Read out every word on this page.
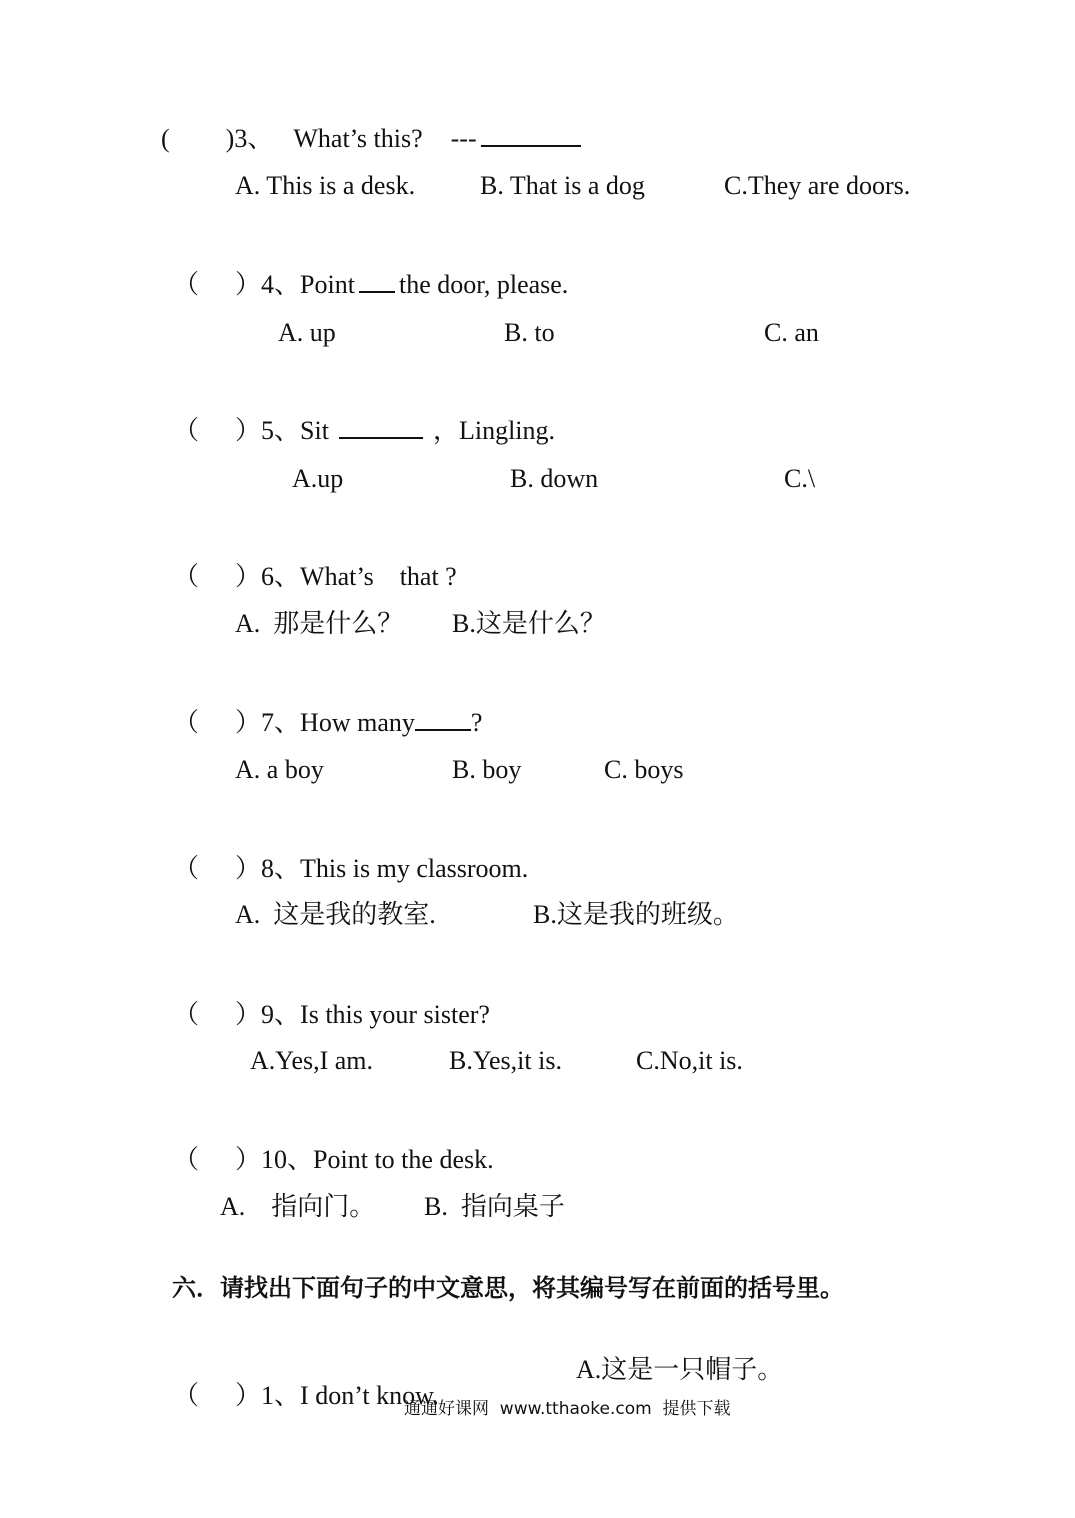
( )3、 What’s this? ---

A. This is a desk. B. That is a dog	C.They are doors.

（ ）4、Point the door, please.

A. up	B. to	C. an

（ ）5、Sit	，Lingling.

A.up	B. down	C.\

（ ）6、What’s    that ?

A.  那是什么？ B.这是什么？

（ ）7、How many ?

A. a boy	B. boy	C. boys

（ ）8、This is my classroom.

A.  这是我的教室.	B.这是我的班级。

（ ）9、Is this your sister?

A.Yes,I am.	B.Yes,it is.	C.No,it is.

（ ）10、Point to the desk.

A.    指向门。 B.  指向桌子
六．请找出下面句子的中文意思，将其编号写在前面的括号里。

（ ）1、I don’t know.

A.这是一只帽子。
通通好课网  www.tthaoke.com  提供下载
